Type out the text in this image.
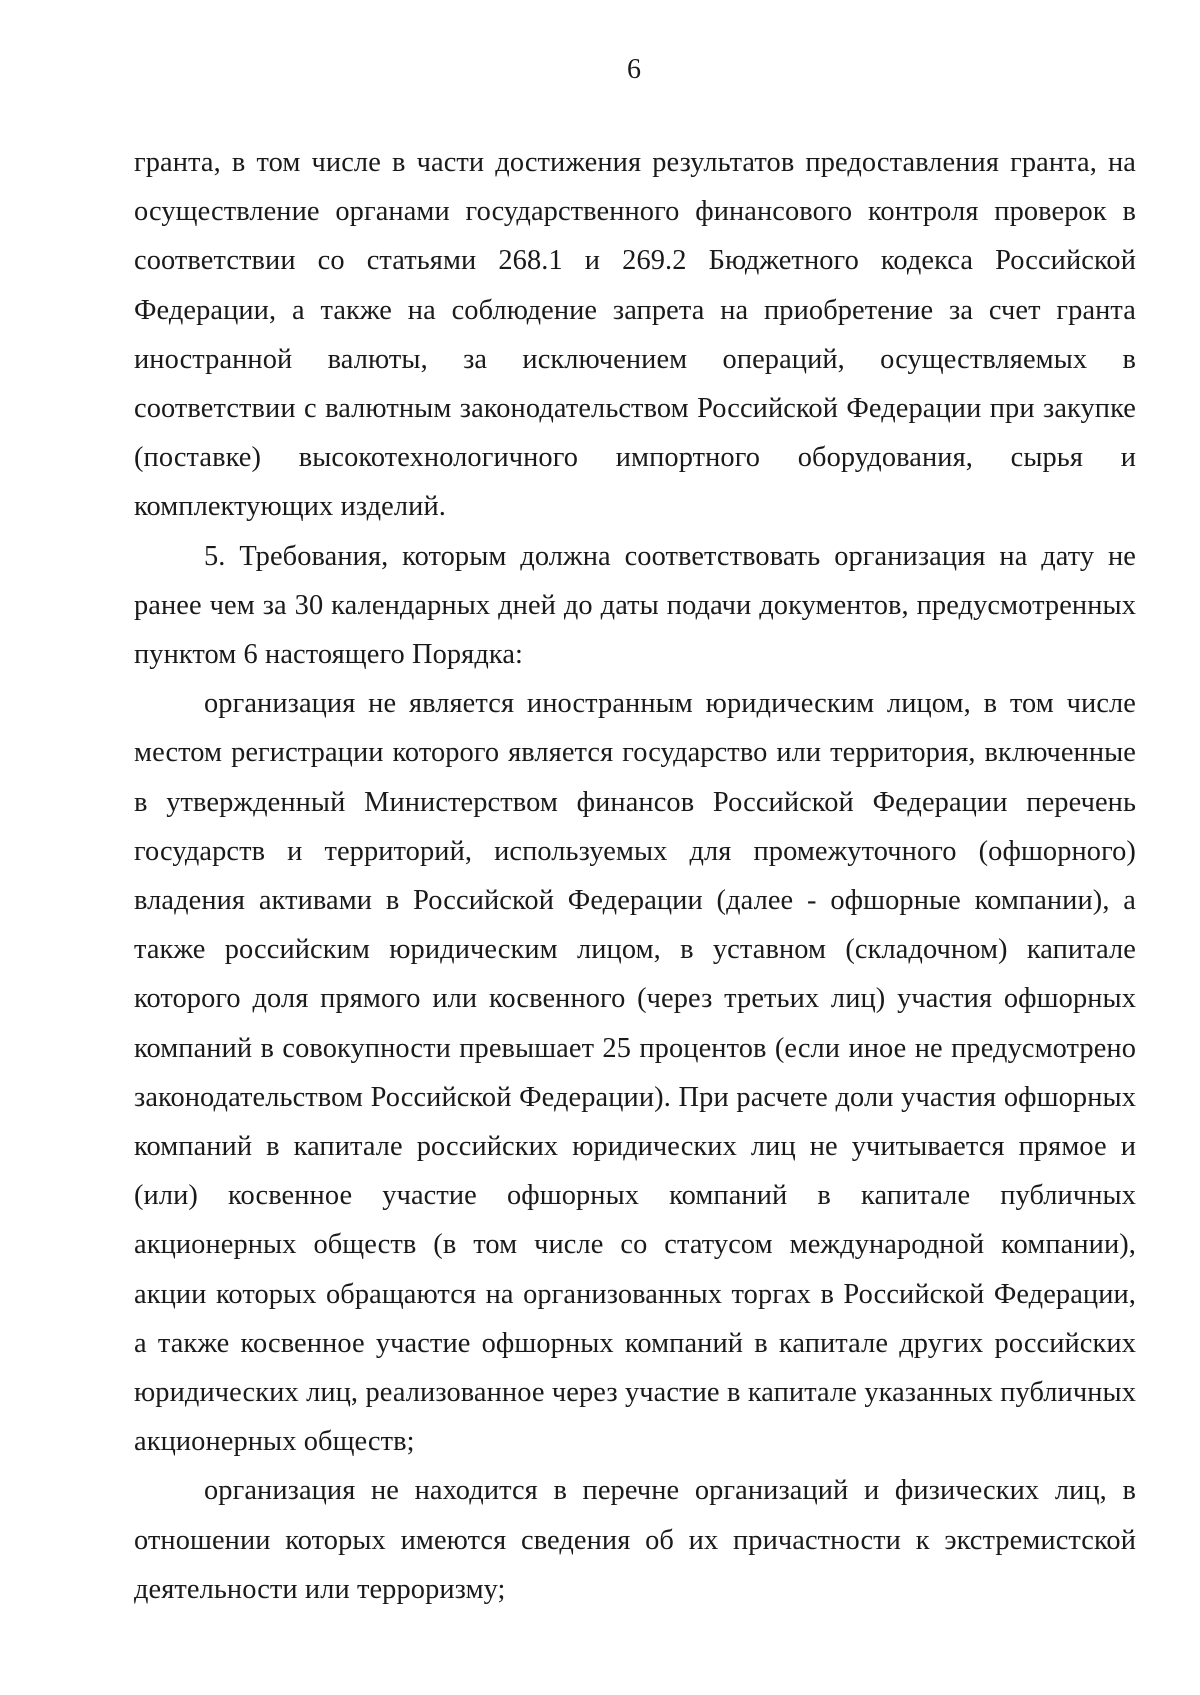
6

гранта, в том числе в части достижения результатов предоставления гранта, на осуществление органами государственного финансового контроля проверок в соответствии со статьями 268.1 и 269.2 Бюджетного кодекса Российской Федерации, а также на соблюдение запрета на приобретение за счет гранта иностранной валюты, за исключением операций, осуществляемых в соответствии с валютным законодательством Российской Федерации при закупке (поставке) высокотехнологичного импортного оборудования, сырья и комплектующих изделий.

5. Требования, которым должна соответствовать организация на дату не ранее чем за 30 календарных дней до даты подачи документов, предусмотренных пунктом 6 настоящего Порядка:

организация не является иностранным юридическим лицом, в том числе местом регистрации которого является государство или территория, включенные в утвержденный Министерством финансов Российской Федерации перечень государств и территорий, используемых для промежуточного (офшорного) владения активами в Российской Федерации (далее - офшорные компании), а также российским юридическим лицом, в уставном (складочном) капитале которого доля прямого или косвенного (через третьих лиц) участия офшорных компаний в совокупности превышает 25 процентов (если иное не предусмотрено законодательством Российской Федерации). При расчете доли участия офшорных компаний в капитале российских юридических лиц не учитывается прямое и (или) косвенное участие офшорных компаний в капитале публичных акционерных обществ (в том числе со статусом международной компании), акции которых обращаются на организованных торгах в Российской Федерации, а также косвенное участие офшорных компаний в капитале других российских юридических лиц, реализованное через участие в капитале указанных публичных акционерных обществ;

организация не находится в перечне организаций и физических лиц, в отношении которых имеются сведения об их причастности к экстремистской деятельности или терроризму;
